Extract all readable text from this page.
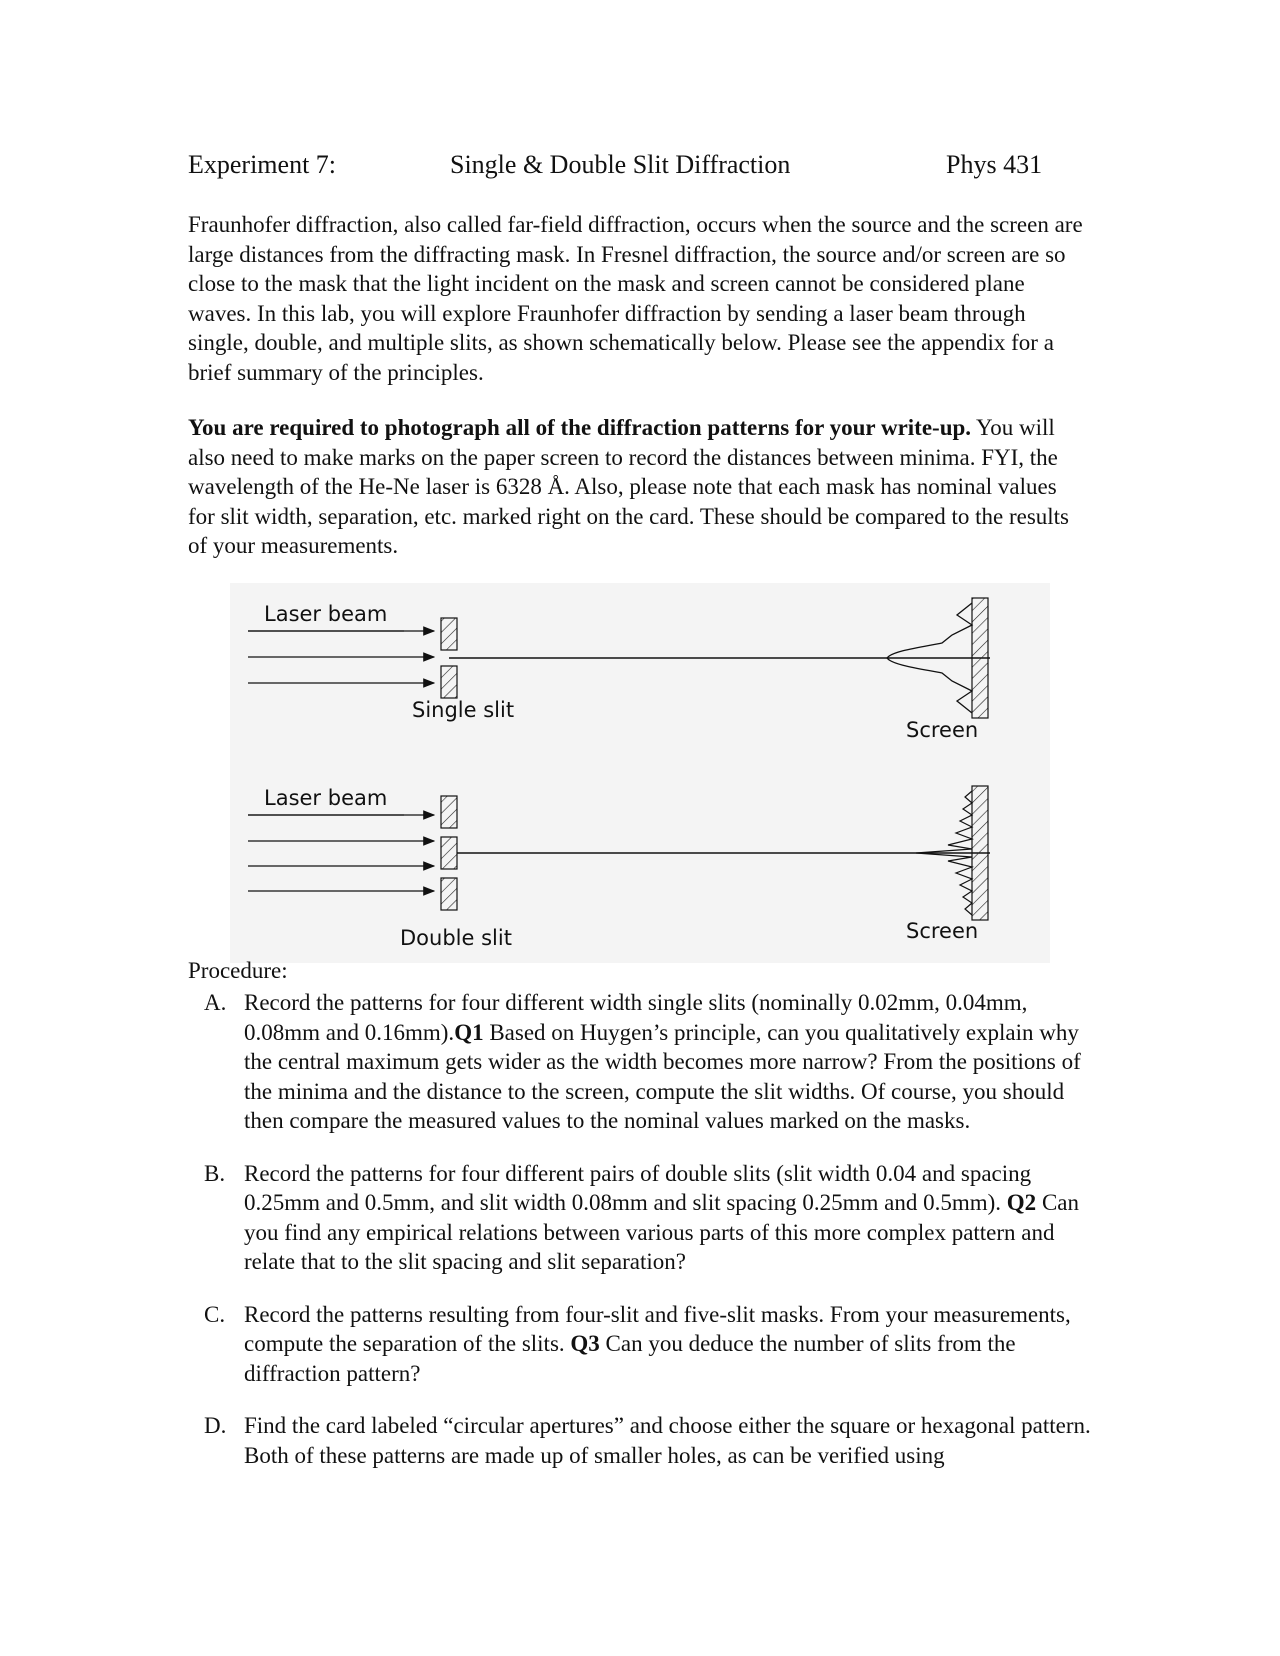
Experiment 7:	Single & Double Slit Diffraction	Phys 431

Fraunhofer diffraction, also called far-field diffraction, occurs when the source and the screen are large distances from the diffracting mask. In Fresnel diffraction, the source and/or screen are so close to the mask that the light incident on the mask and screen cannot be considered plane waves. In this lab, you will explore Fraunhofer diffraction by sending a laser beam through single, double, and multiple slits, as shown schematically below. Please see the appendix for a brief summary of the principles.

You are required to photograph all of the diffraction patterns for your write-up. You will also need to make marks on the paper screen to record the distances between minima. FYI, the wavelength of the He-Ne laser is 6328 Å. Also, please note that each mask has nominal values for slit width, separation, etc. marked right on the card. These should be compared to the results of your measurements.

Laser beam
Single slit
Screen
Laser beam
Double slit	Screen
Procedure:
A. Record the patterns for four different width single slits (nominally 0.02mm, 0.04mm, 0.08mm and 0.16mm).Q1 Based on Huygen’s principle, can you qualitatively explain why the central maximum gets wider as the width becomes more narrow? From the positions of the minima and the distance to the screen, compute the slit widths. Of course, you should then compare the measured values to the nominal values marked on the masks.
B. Record the patterns for four different pairs of double slits (slit width 0.04 and spacing 0.25mm and 0.5mm, and slit width 0.08mm and slit spacing 0.25mm and 0.5mm). Q2 Can you find any empirical relations between various parts of this more complex pattern and relate that to the slit spacing and slit separation?
C. Record the patterns resulting from four-slit and five-slit masks. From your measurements, compute the separation of the slits. Q3 Can you deduce the number of slits from the diffraction pattern?
D. Find the card labeled “circular apertures” and choose either the square or hexagonal pattern. Both of these patterns are made up of smaller holes, as can be verified using
